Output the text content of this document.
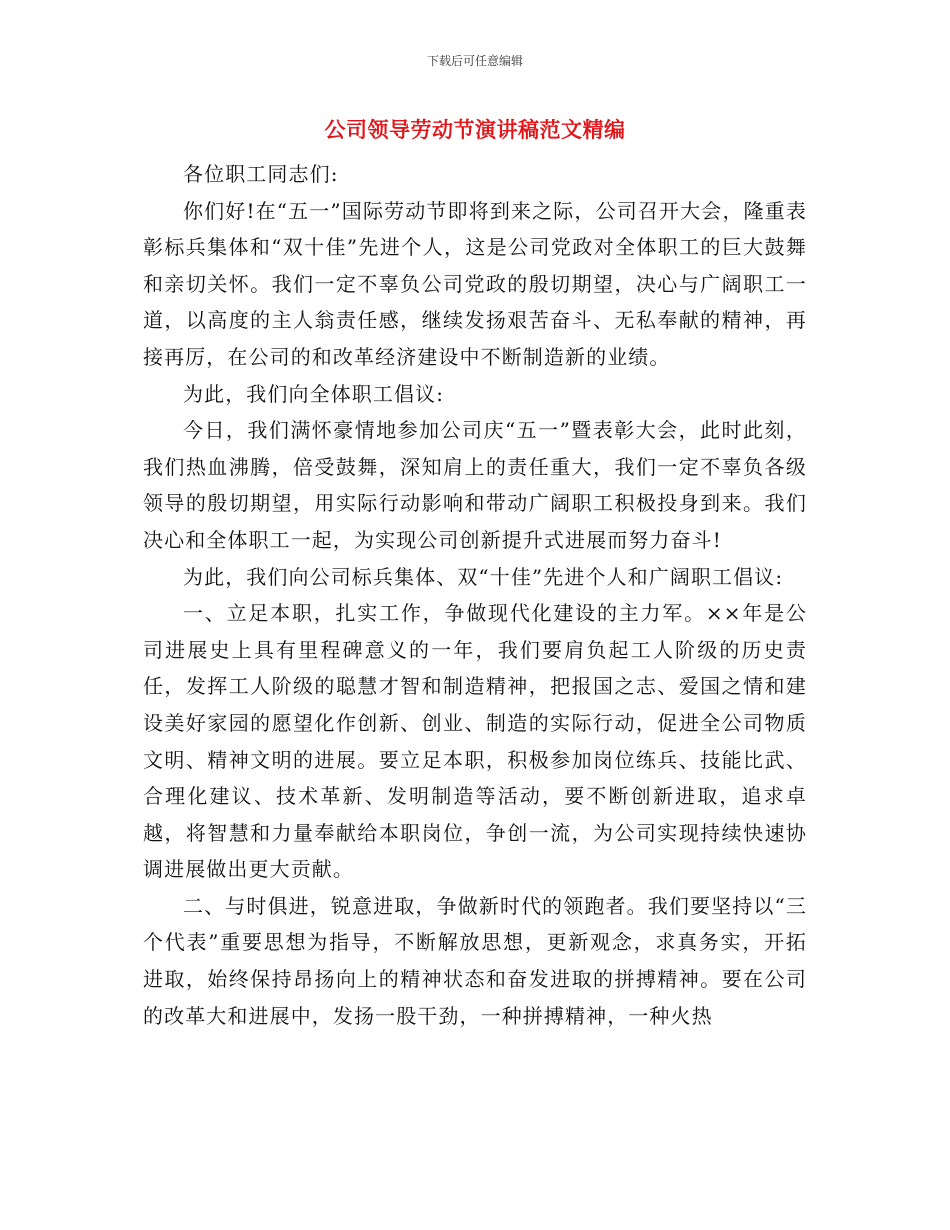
下载后可任意编辑
公司领导劳动节演讲稿范文精编

各位职工同志们:

你们好!在“五一”国际劳动节即将到来之际，公司召开大会，隆重表彰标兵集体和“双十佳”先进个人，这是公司党政对全体职工的巨大鼓舞和亲切关怀。我们一定不辜负公司党政的殷切期望，决心与广阔职工一道，以高度的主人翁责任感，继续发扬艰苦奋斗、无私奉献的精神，再接再厉，在公司的和改革经济建设中不断制造新的业绩。

为此，我们向全体职工倡议:

今日，我们满怀豪情地参加公司庆“五一”暨表彰大会，此时此刻，我们热血沸腾，倍受鼓舞，深知肩上的责任重大，我们一定不辜负各级领导的殷切期望，用实际行动影响和带动广阔职工积极投身到来。我们决心和全体职工一起，为实现公司创新提升式进展而努力奋斗!

为此，我们向公司标兵集体、双“十佳”先进个人和广阔职工倡议:

一、立足本职，扎实工作，争做现代化建设的主力军。××年是公司进展史上具有里程碑意义的一年，我们要肩负起工人阶级的历史责任，发挥工人阶级的聪慧才智和制造精神，把报国之志、爱国之情和建设美好家园的愿望化作创新、创业、制造的实际行动，促进全公司物质文明、精神文明的进展。要立足本职，积极参加岗位练兵、技能比武、合理化建议、技术革新、发明制造等活动，要不断创新进取，追求卓越，将智慧和力量奉献给本职岗位，争创一流，为公司实现持续快速协调进展做出更大贡献。

二、与时俱进，锐意进取，争做新时代的领跑者。我们要坚持以“三个代表”重要思想为指导，不断解放思想，更新观念，求真务实，开拓进取，始终保持昂扬向上的精神状态和奋发进取的拼搏精神。要在公司的改革大和进展中，发扬一股干劲，一种拼搏精神，一种火热
